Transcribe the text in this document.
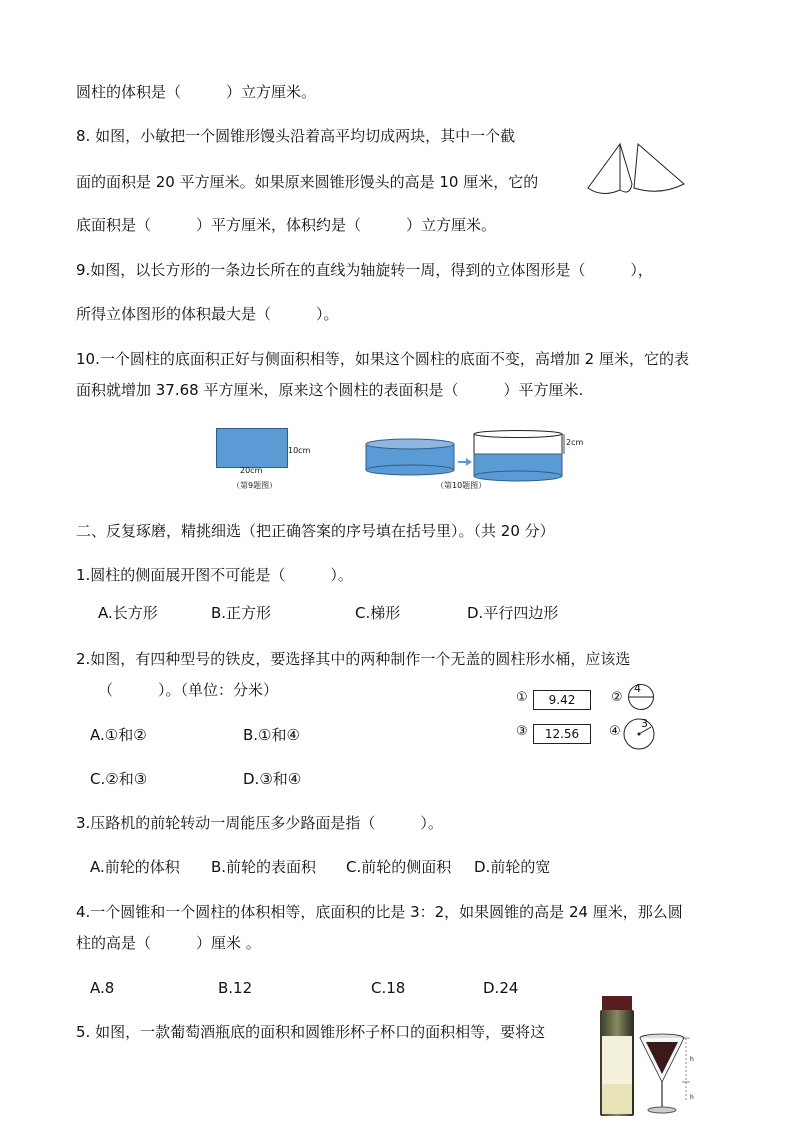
圆柱的体积是（　　　）立方厘米。
8. 如图，小敏把一个圆锥形馒头沿着高平均切成两块，其中一个截
面的面积是 20 平方厘米。如果原来圆锥形馒头的高是 10 厘米，它的
底面积是（　　　）平方厘米，体积约是（　　　）立方厘米。
9.如图，以长方形的一条边长所在的直线为轴旋转一周，得到的立体图形是（　　　），
所得立体图形的体积最大是（　　　）。
10.一个圆柱的底面积正好与侧面积相等，如果这个圆柱的底面不变，高增加 2 厘米，它的表
面积就增加 37.68 平方厘米，原来这个圆柱的表面积是（　　　）平方厘米.
10cm
20cm
（第9题图）
2cm
（第10题图）
二、反复琢磨，精挑细选（把正确答案的序号填在括号里）。（共 20 分）
1.圆柱的侧面展开图不可能是（　　　）。
A.长方形	B.正方形	C.梯形	D.平行四边形
2.如图，有四种型号的铁皮，要选择其中的两种制作一个无盖的圆柱形水桶，应该选
（　　　）。（单位：分米）
A.①和②	B.①和④
C.②和③	D.③和④
①	9.42	②
4
③	12.56	④
3
3.压路机的前轮转动一周能压多少路面是指（　　　）。
A.前轮的体积 B.前轮的表面积 C.前轮的侧面积 D.前轮的宽
4.一个圆锥和一个圆柱的体积相等，底面积的比是 3：2，如果圆锥的高是 24 厘米，那么圆
柱的高是（　　　）厘米 。
A.8	B.12	C.18	D.24
5. 如图，一款葡萄酒瓶底的面积和圆锥形杯子杯口的面积相等，要将这
h
h
